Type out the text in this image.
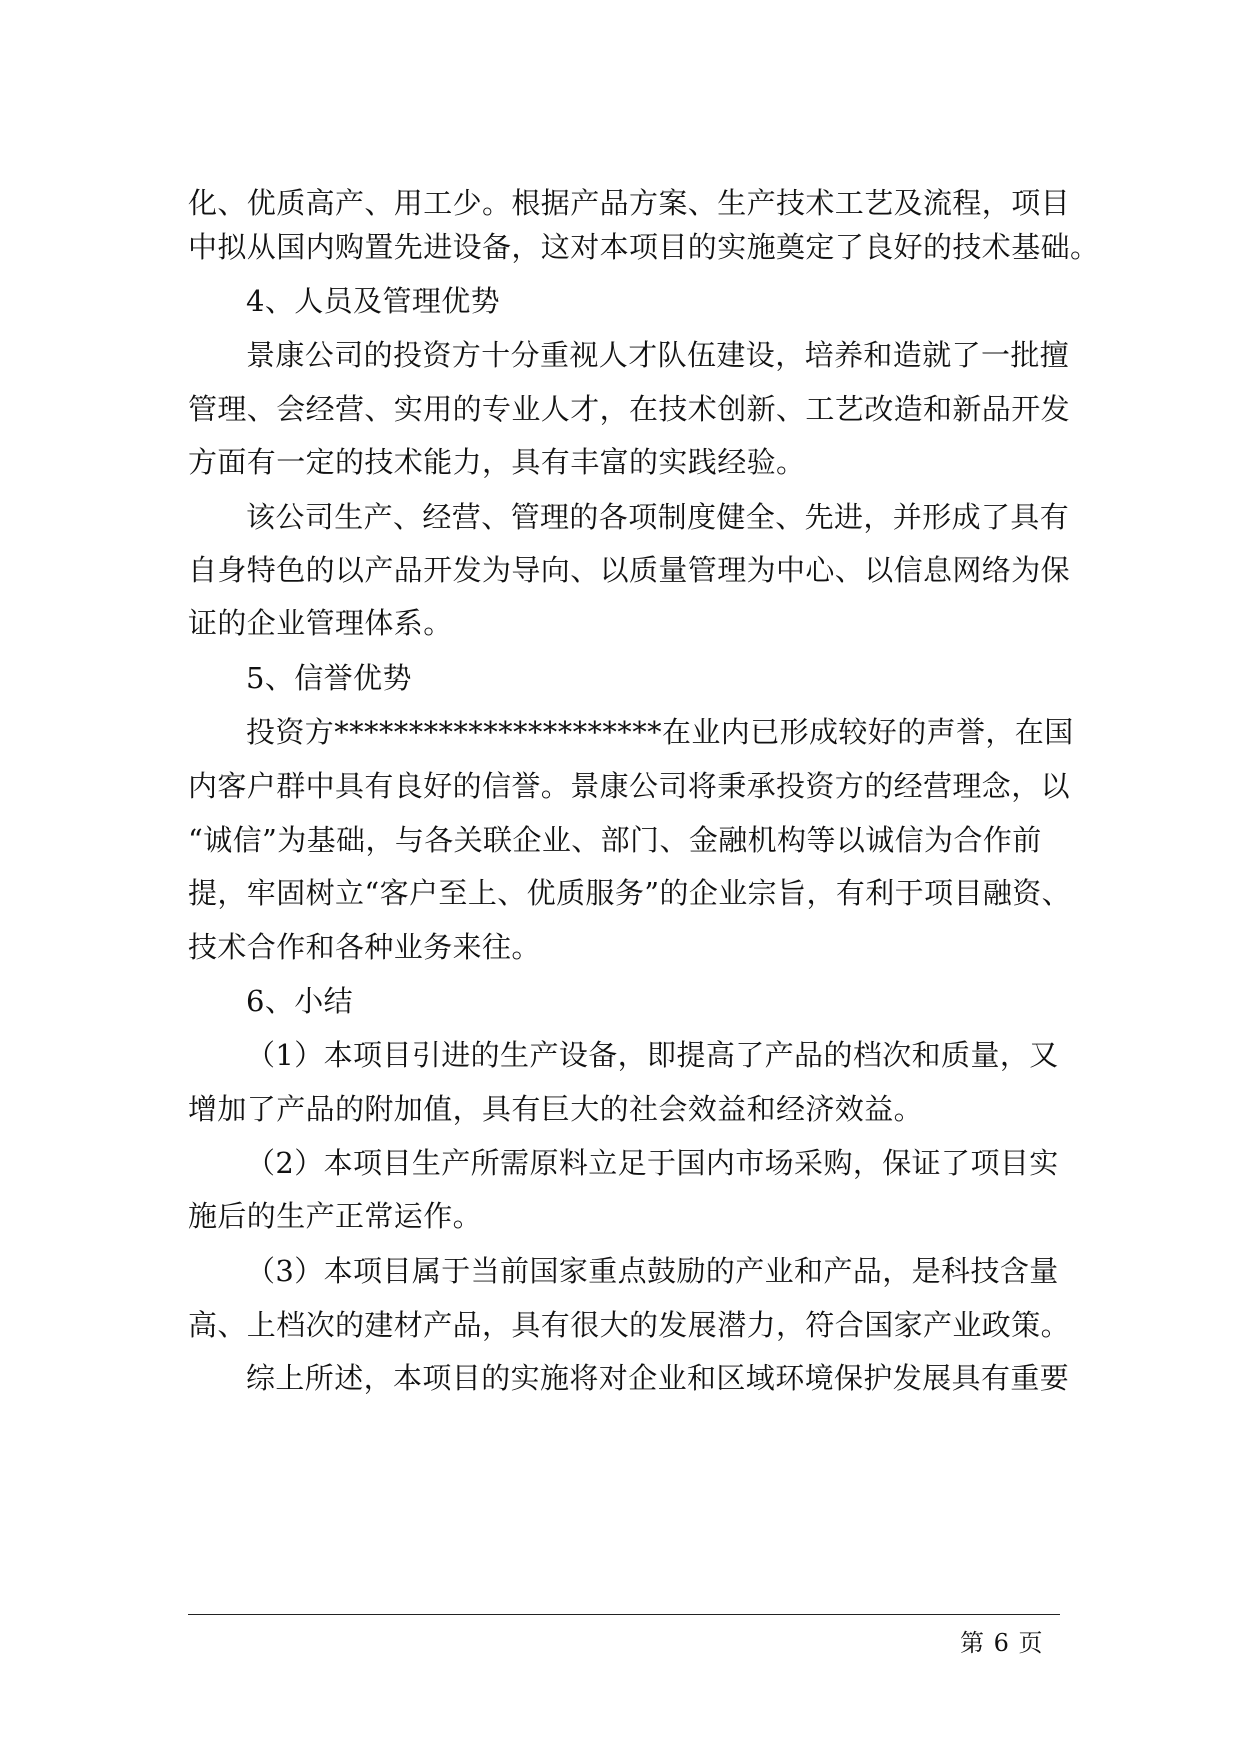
化、优质高产、用工少。根据产品方案、生产技术工艺及流程，项目
中拟从国内购置先进设备，这对本项目的实施奠定了良好的技术基础。
4、人员及管理优势
景康公司的投资方十分重视人才队伍建设，培养和造就了一批擅
管理、会经营、实用的专业人才，在技术创新、工艺改造和新品开发
方面有一定的技术能力，具有丰富的实践经验。
该公司生产、经营、管理的各项制度健全、先进，并形成了具有
自身特色的以产品开发为导向、以质量管理为中心、以信息网络为保
证的企业管理体系。
5、信誉优势
投资方**********************在业内已形成较好的声誉，在国
内客户群中具有良好的信誉。景康公司将秉承投资方的经营理念，以
“诚信”为基础，与各关联企业、部门、金融机构等以诚信为合作前
提，牢固树立“客户至上、优质服务”的企业宗旨，有利于项目融资、
技术合作和各种业务来往。
6、小结
（1）本项目引进的生产设备，即提高了产品的档次和质量，又
增加了产品的附加值，具有巨大的社会效益和经济效益。
（2）本项目生产所需原料立足于国内市场采购，保证了项目实
施后的生产正常运作。
（3）本项目属于当前国家重点鼓励的产业和产品，是科技含量
高、上档次的建材产品，具有很大的发展潜力，符合国家产业政策。
综上所述，本项目的实施将对企业和区域环境保护发展具有重要
第 6 页
